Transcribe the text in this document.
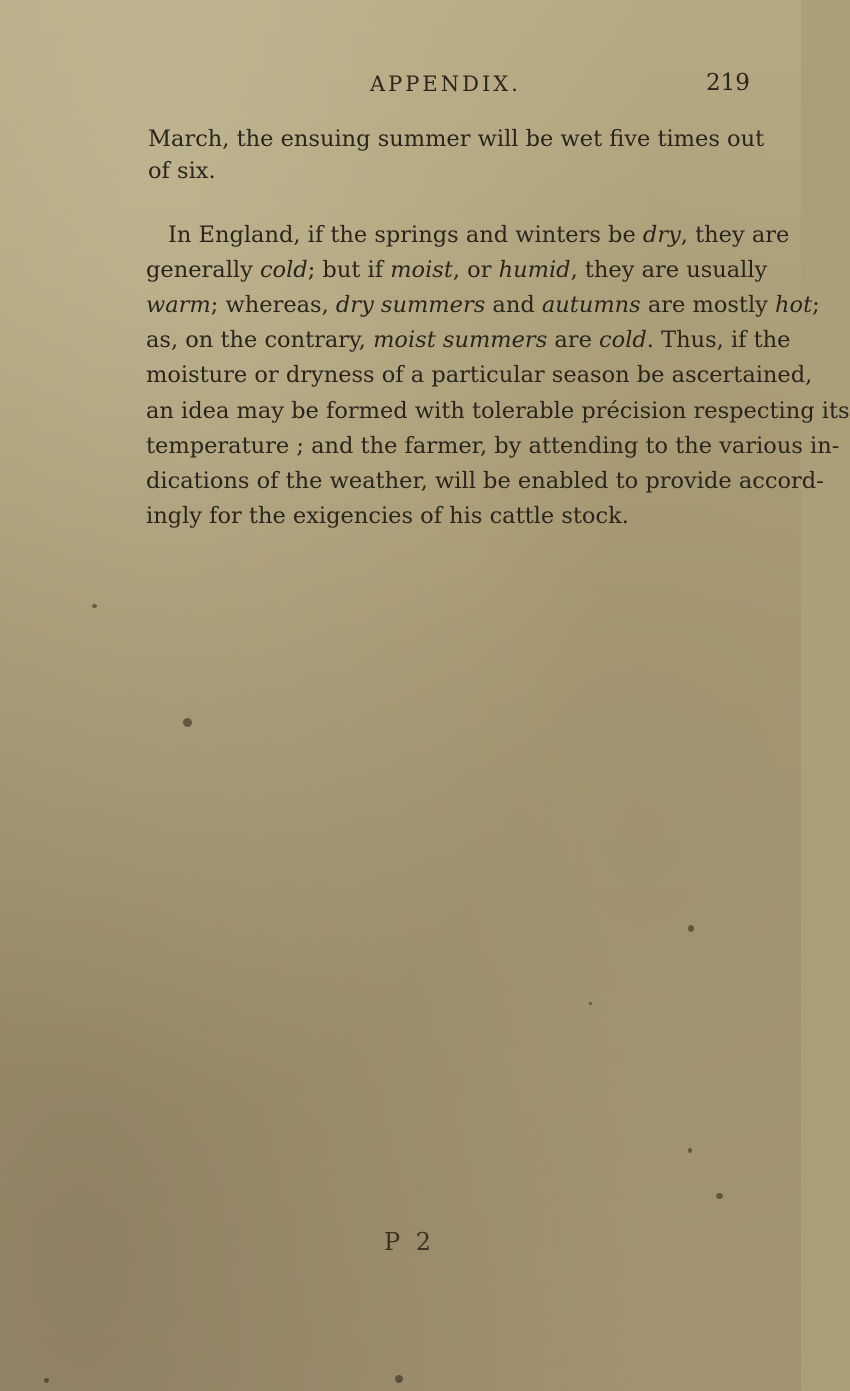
APPENDIX.	219
March, the ensuing summer will be wet five times out
of six.
In England, if the springs and winters be dry, they are
generally cold; but if moist, or humid, they are usually
warm; whereas, dry summers and autumns are mostly hot;
as, on the contrary, moist summers are cold. Thus, if the
moisture or dryness of a particular season be ascertained,
an idea may be formed with tolerable précision respecting its
temperature ; and the farmer, by attending to the various in-
dications of the weather, will be enabled to provide accord-
ingly for the exigencies of his cattle stock.
P 2
